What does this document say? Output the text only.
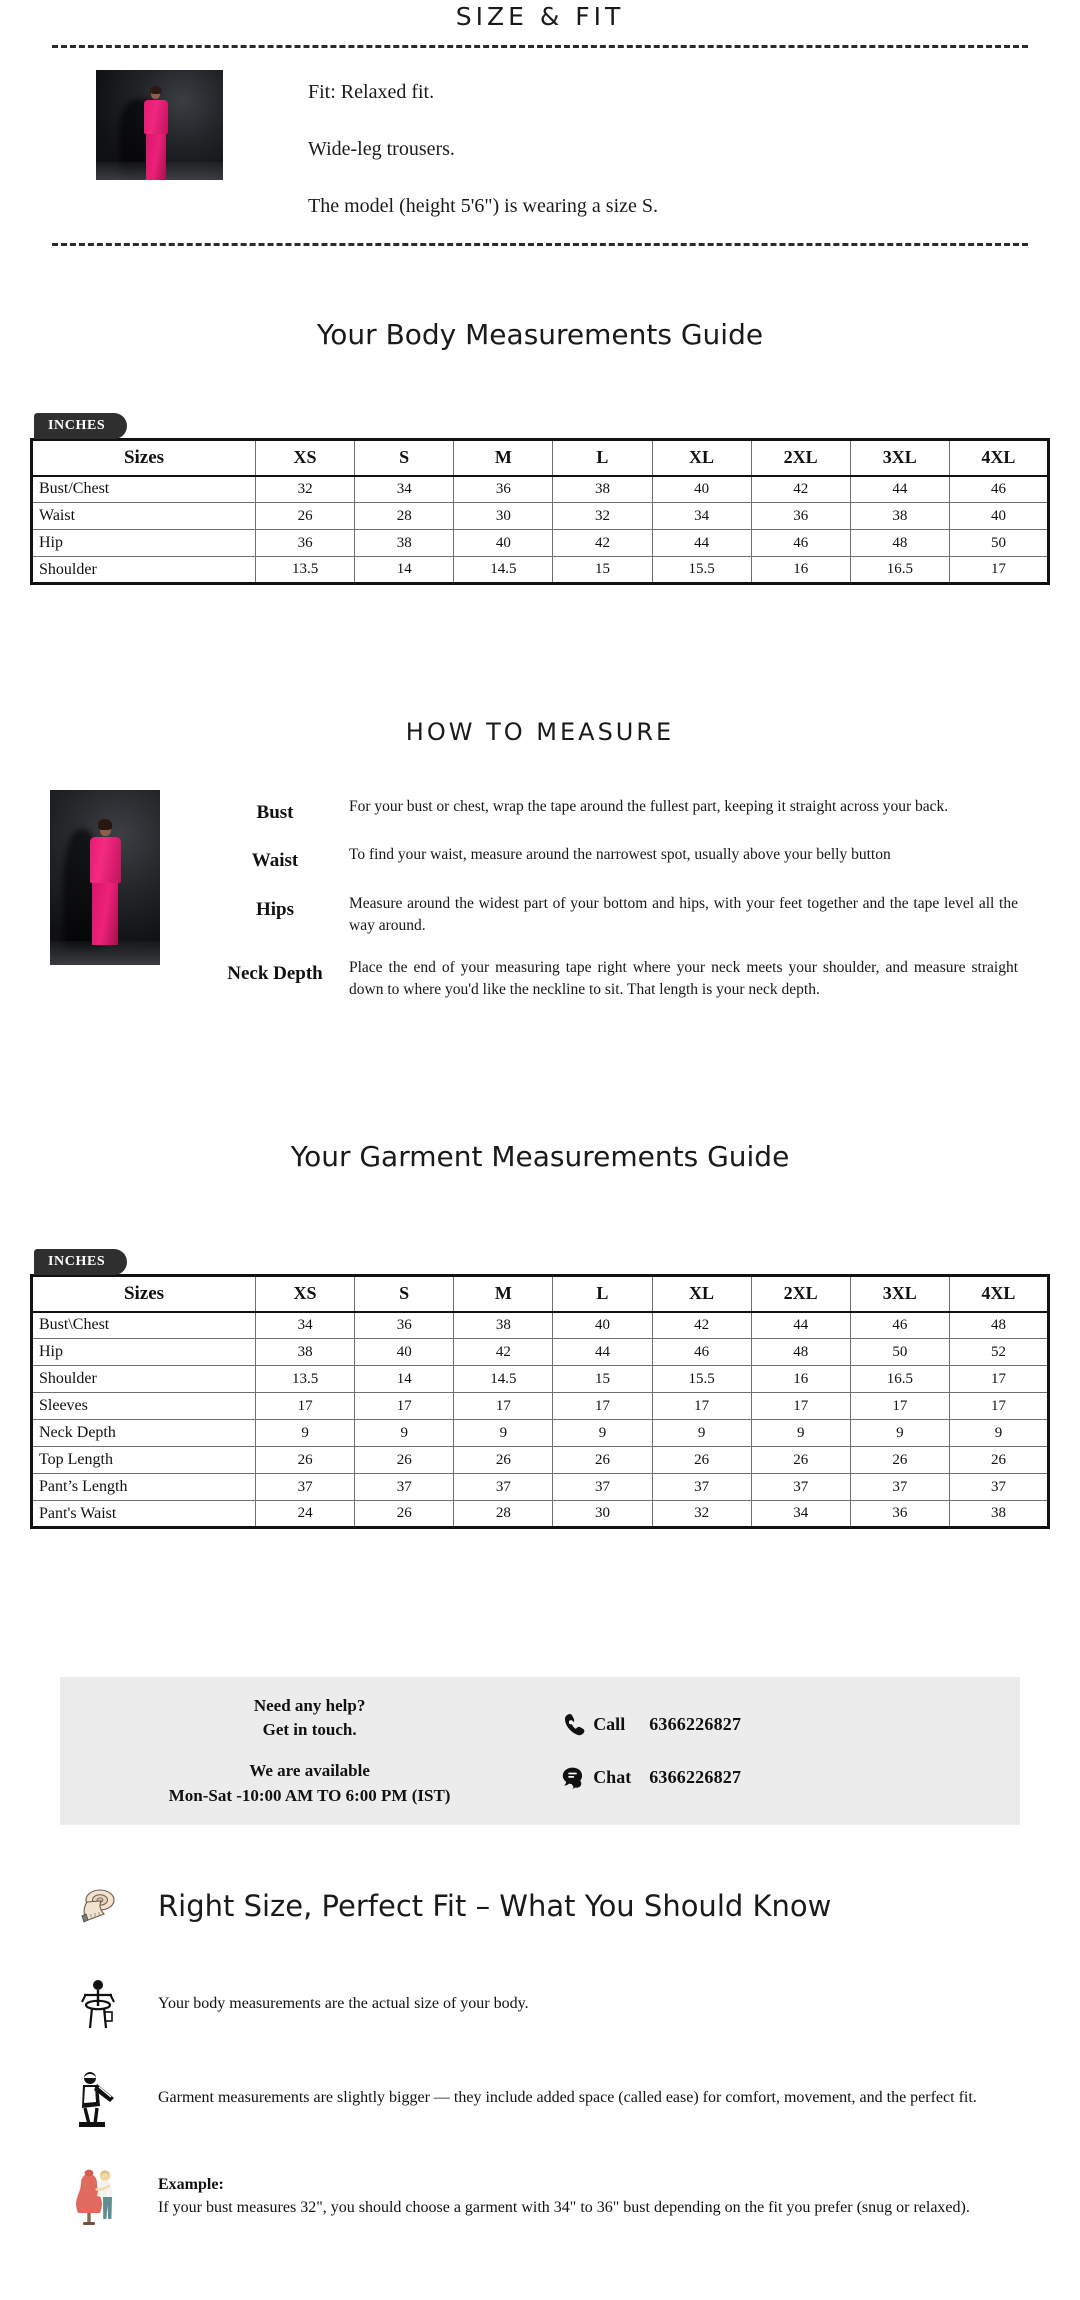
SIZE & FIT

Fit: Relaxed fit.

Wide-leg trousers.

The model (height 5'6") is wearing a size S.

Your Body Measurements Guide
INCHES
Sizes	XS	S	M	L	XL	2XL	3XL	4XL
Bust/Chest	32	34	36	38	40	42	44	46
Waist	26	28	30	32	34	36	38	40
Hip	36	38	40	42	44	46	48	50
Shoulder	13.5	14	14.5	15	15.5	16	16.5	17
HOW TO MEASURE
Bust	For your bust or chest, wrap the tape around the fullest part, keeping it straight across your back.
Waist	To find your waist, measure around the narrowest spot, usually above your belly button
Hips	Measure around the widest part of your bottom and hips, with your feet together and the tape level all the way around.
Neck Depth	Place the end of your measuring tape right where your neck meets your shoulder, and measure straight down to where you'd like the neckline to sit. That length is your neck depth.
Your Garment Measurements Guide
INCHES
Sizes	XS	S	M	L	XL	2XL	3XL	4XL
Bust\Chest	34	36	38	40	42	44	46	48
Hip	38	40	42	44	46	48	50	52
Shoulder	13.5	14	14.5	15	15.5	16	16.5	17
Sleeves	17	17	17	17	17	17	17	17
Neck Depth	9	9	9	9	9	9	9	9
Top Length	26	26	26	26	26	26	26	26
Pant’s Length	37	37	37	37	37	37	37	37
Pant's Waist	24	26	28	30	32	34	36	38
Need any help?
Get in touch.
We are available
Mon-Sat -10:00 AM TO 6:00 PM (IST)
Call	6366226827
Chat 6366226827
Right Size, Perfect Fit – What You Should Know
Your body measurements are the actual size of your body.
Garment measurements are slightly bigger — they include added space (called ease) for comfort, movement, and the perfect fit.
Example:
If your bust measures 32", you should choose a garment with 34" to 36" bust depending on the fit you prefer (snug or relaxed).
